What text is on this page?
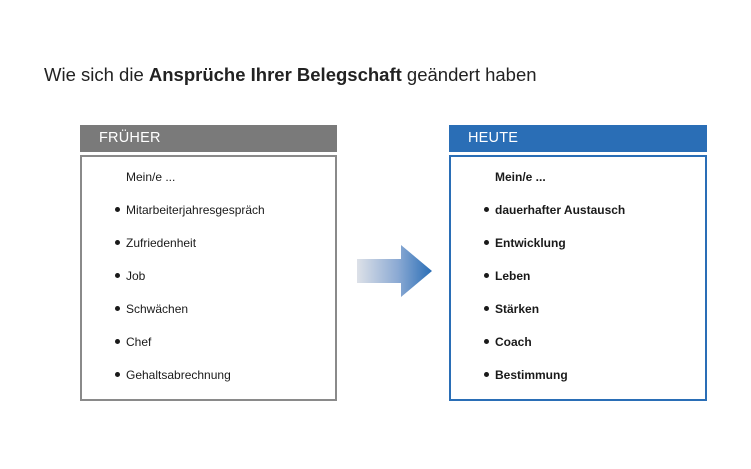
Wie sich die Ansprüche Ihrer Belegschaft geändert haben
FRÜHER
Mein/e ...
Mitarbeiterjahresgespräch
Zufriedenheit
Job
Schwächen
Chef
Gehaltsabrechnung
HEUTE
Mein/e ...
dauerhafter Austausch
Entwicklung
Leben
Stärken
Coach
Bestimmung
